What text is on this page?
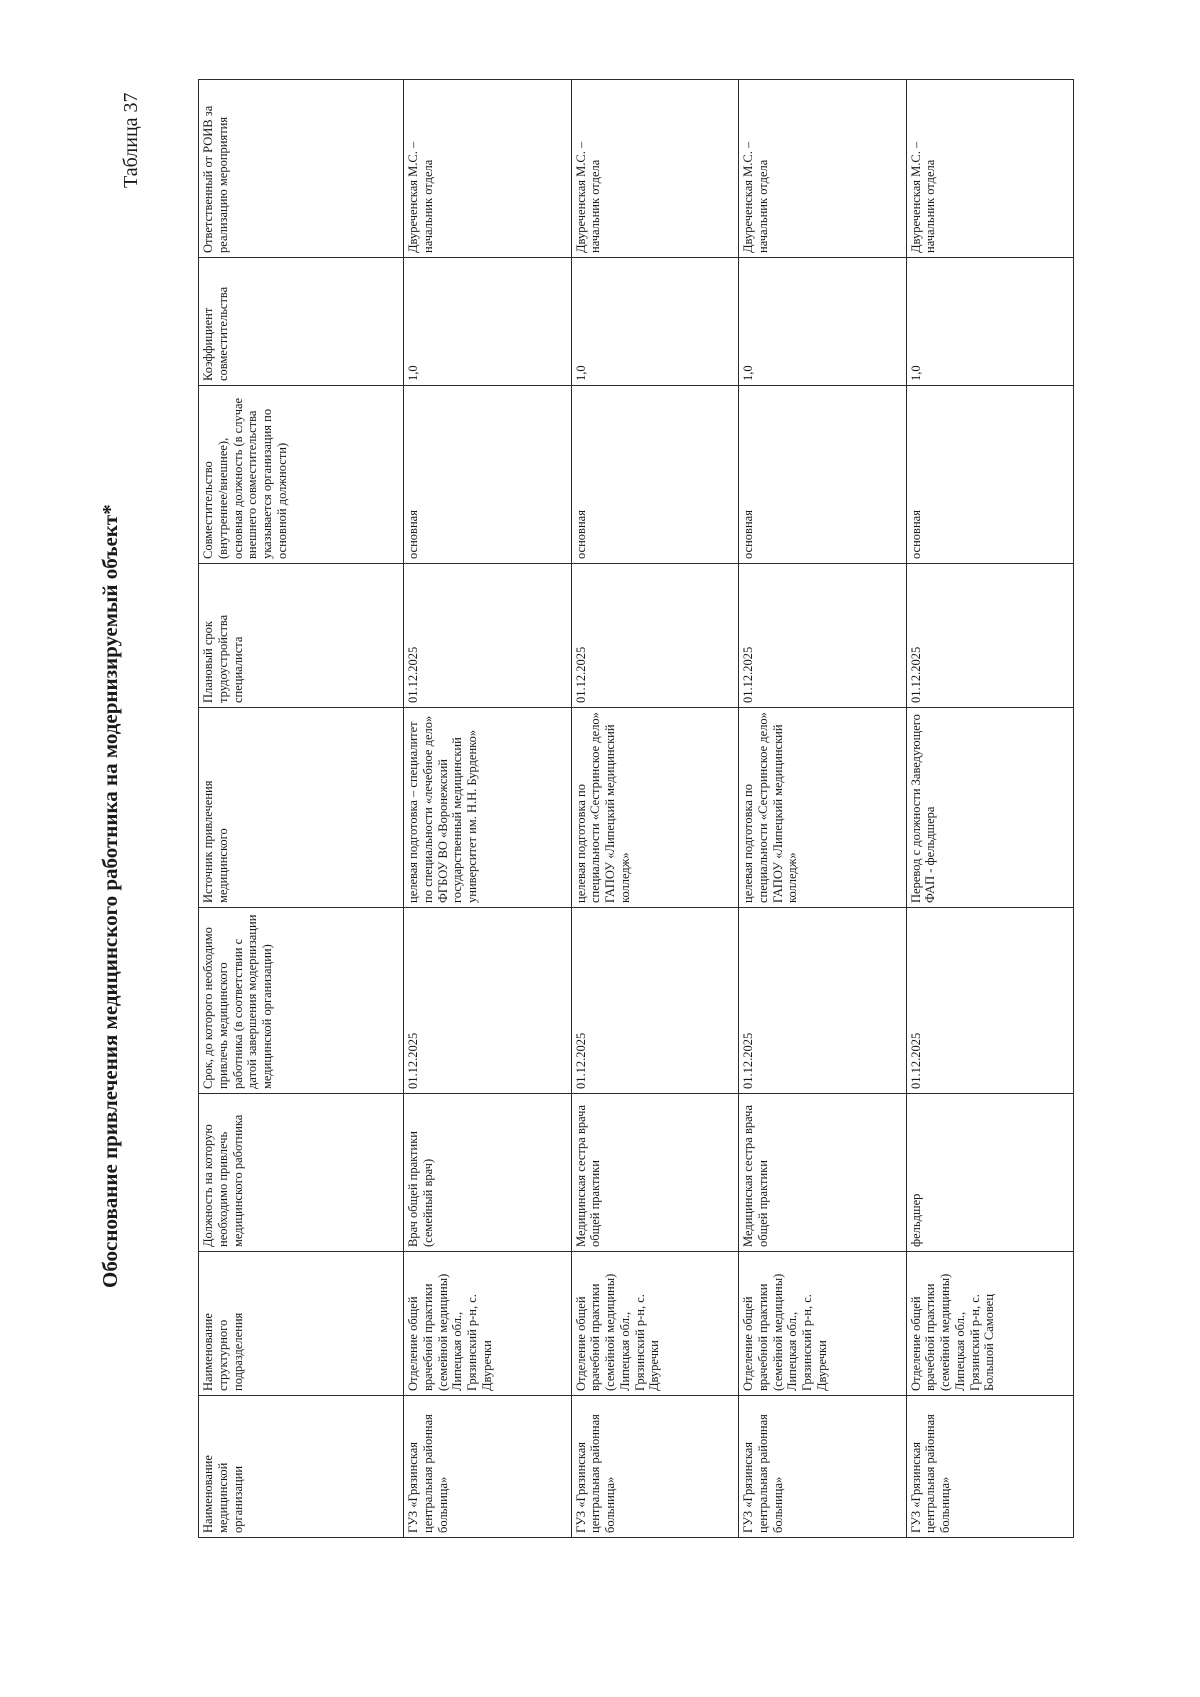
Обоснование привлечения медицинского работника на модернизируемый объект*
Таблица 37
Наименование медицинской организации	Наименование структурного подразделения	Должность на которую необходимо привлечь медицинского работника	Срок, до которого необходимо привлечь медицинского работника (в соответствии с датой завершения модернизации медицинской организации)	Источник привлечения медицинского	Плановый срок трудоустройства специалиста	Совместительство (внутреннее/внешнее), основная должность (в случае внешнего совместительства указывается организация по основной должности)	Коэффициент совместительства	Ответственный от РОИВ за реализацию мероприятия
ГУЗ «Грязинская центральная районная больница»	Отделение общей врачебной практики (семейной медицины) Липецкая обл., Грязинский р-н, с. Двуречки	Врач общей практики (семейный врач)	01.12.2025	целевая подготовка – специалитет по специальности «лечебное дело» ФГБОУ ВО «Воронежский государственный медицинский университет им. Н.Н. Бурденко»	01.12.2025	основная	1,0	Двуреченская М.С. – начальник отдела
ГУЗ «Грязинская центральная районная больница»	Отделение общей врачебной практики (семейной медицины) Липецкая обл., Грязинский р-н, с. Двуречки	Медицинская сестра врача общей практики	01.12.2025	целевая подготовка по специальности «Сестринское дело» ГАПОУ «Липецкий медицинский колледж»	01.12.2025	основная	1,0	Двуреченская М.С. – начальник отдела
ГУЗ «Грязинская центральная районная больница»	Отделение общей врачебной практики (семейной медицины) Липецкая обл., Грязинский р-н, с. Двуречки	Медицинская сестра врача общей практики	01.12.2025	целевая подготовка по специальности «Сестринское дело» ГАПОУ «Липецкий медицинский колледж»	01.12.2025	основная	1,0	Двуреченская М.С. – начальник отдела
ГУЗ «Грязинская центральная районная больница»	Отделение общей врачебной практики (семейной медицины) Липецкая обл., Грязинский р-н, с. Большой Самовец	фельдшер	01.12.2025	Перевод с должности Заведующего ФАП - фельдшера	01.12.2025	основная	1,0	Двуреченская М.С. – начальник отдела
